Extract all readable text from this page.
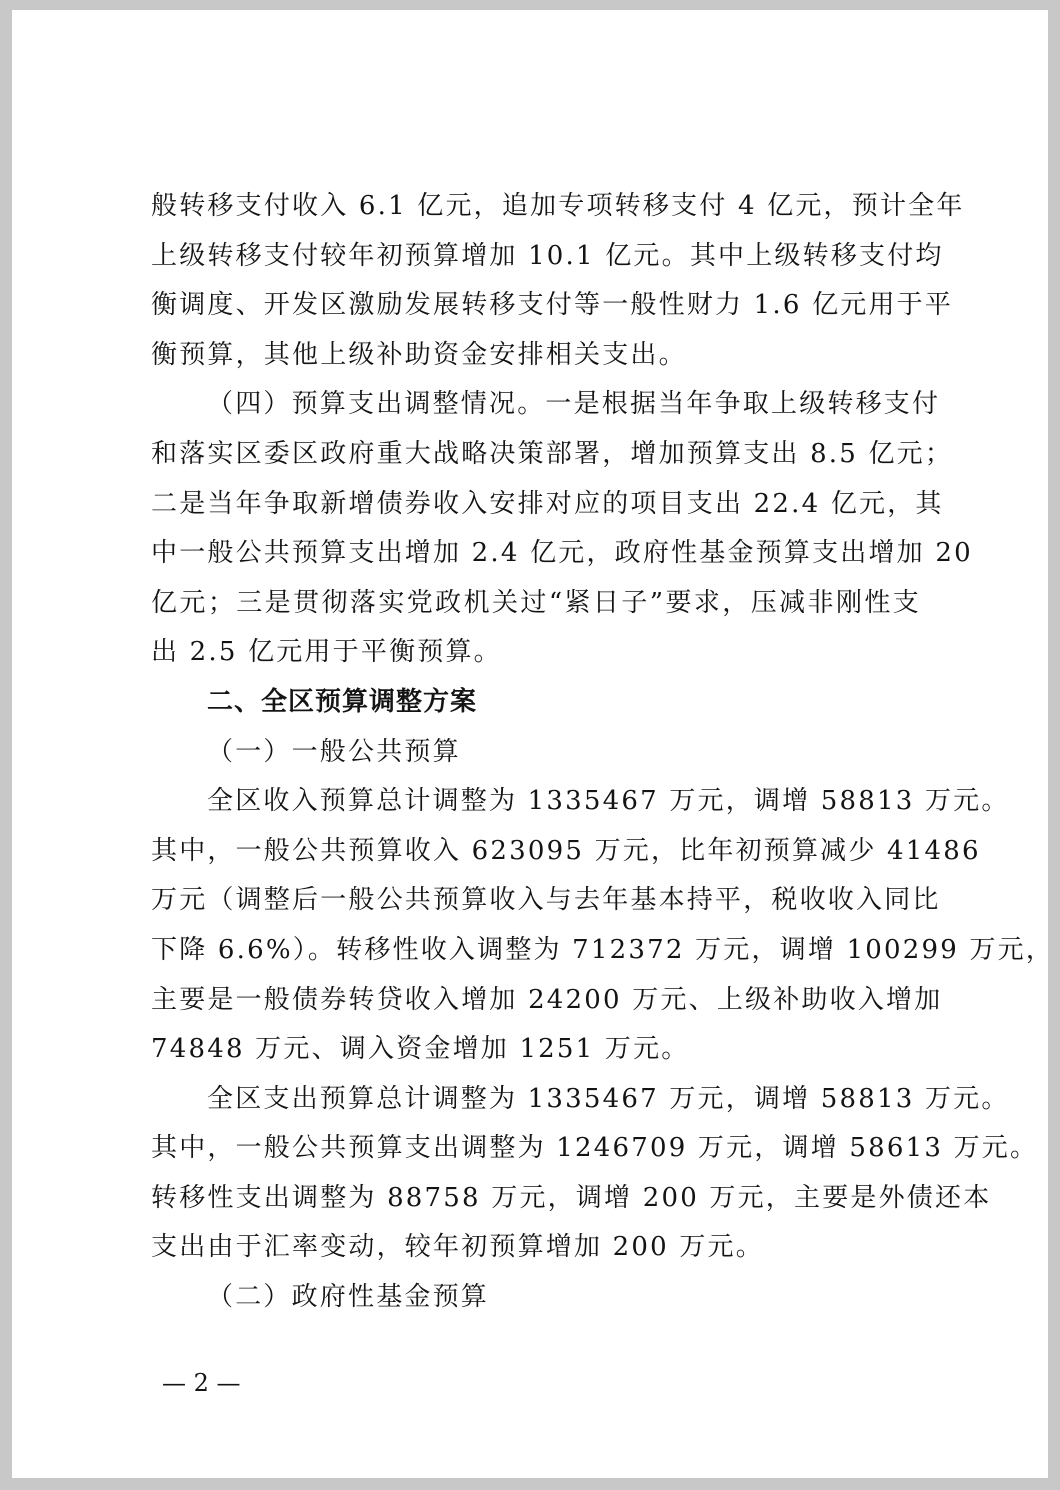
般转移支付收入 6.1 亿元，追加专项转移支付 4 亿元，预计全年
上级转移支付较年初预算增加 10.1 亿元。其中上级转移支付均
衡调度、开发区激励发展转移支付等一般性财力 1.6 亿元用于平
衡预算，其他上级补助资金安排相关支出。
（四）预算支出调整情况。一是根据当年争取上级转移支付
和落实区委区政府重大战略决策部署，增加预算支出 8.5 亿元；
二是当年争取新增债券收入安排对应的项目支出 22.4 亿元，其
中一般公共预算支出增加 2.4 亿元，政府性基金预算支出增加 20
亿元；三是贯彻落实党政机关过“紧日子”要求，压减非刚性支
出 2.5 亿元用于平衡预算。
二、全区预算调整方案
（一）一般公共预算
全区收入预算总计调整为 1335467 万元，调增 58813 万元。
其中，一般公共预算收入 623095 万元，比年初预算减少 41486
万元（调整后一般公共预算收入与去年基本持平，税收收入同比
下降 6.6%）。转移性收入调整为 712372 万元，调增 100299 万元，
主要是一般债券转贷收入增加 24200 万元、上级补助收入增加
74848 万元、调入资金增加 1251 万元。
全区支出预算总计调整为 1335467 万元，调增 58813 万元。
其中，一般公共预算支出调整为 1246709 万元，调增 58613 万元。
转移性支出调整为 88758 万元，调增 200 万元，主要是外债还本
支出由于汇率变动，较年初预算增加 200 万元。
（二）政府性基金预算
— 2 —
